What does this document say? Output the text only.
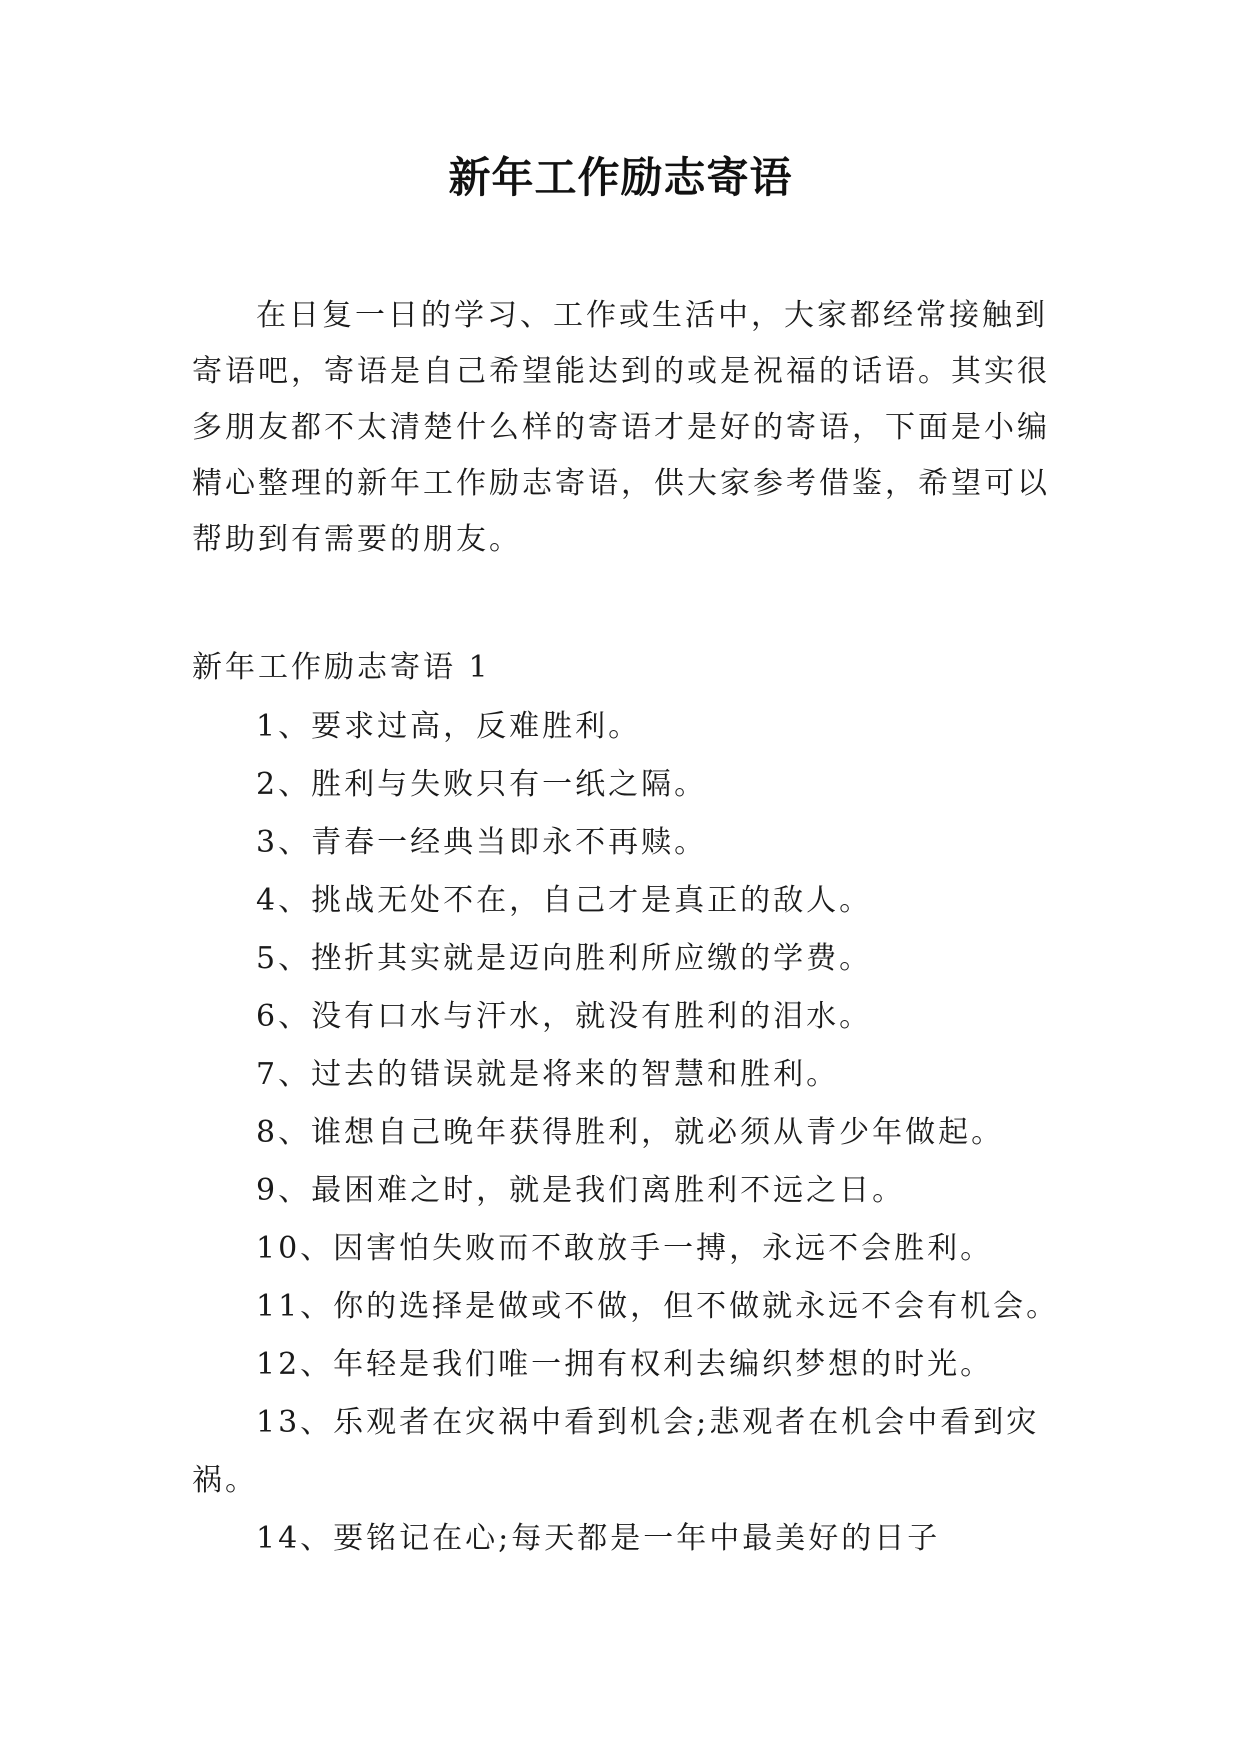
新年工作励志寄语

在日复一日的学习、工作或生活中，大家都经常接触到寄语吧，寄语是自己希望能达到的或是祝福的话语。其实很多朋友都不太清楚什么样的寄语才是好的寄语，下面是小编精心整理的新年工作励志寄语，供大家参考借鉴，希望可以帮助到有需要的朋友。

新年工作励志寄语 1

1、要求过高，反难胜利。
2、胜利与失败只有一纸之隔。
3、青春一经典当即永不再赎。
4、挑战无处不在，自己才是真正的敌人。
5、挫折其实就是迈向胜利所应缴的学费。
6、没有口水与汗水，就没有胜利的泪水。
7、过去的错误就是将来的智慧和胜利。
8、谁想自己晚年获得胜利，就必须从青少年做起。
9、最困难之时，就是我们离胜利不远之日。
10、因害怕失败而不敢放手一搏，永远不会胜利。
11、你的选择是做或不做，但不做就永远不会有机会。
12、年轻是我们唯一拥有权利去编织梦想的时光。
13、乐观者在灾祸中看到机会;悲观者在机会中看到灾祸。
14、要铭记在心;每天都是一年中最美好的日子
